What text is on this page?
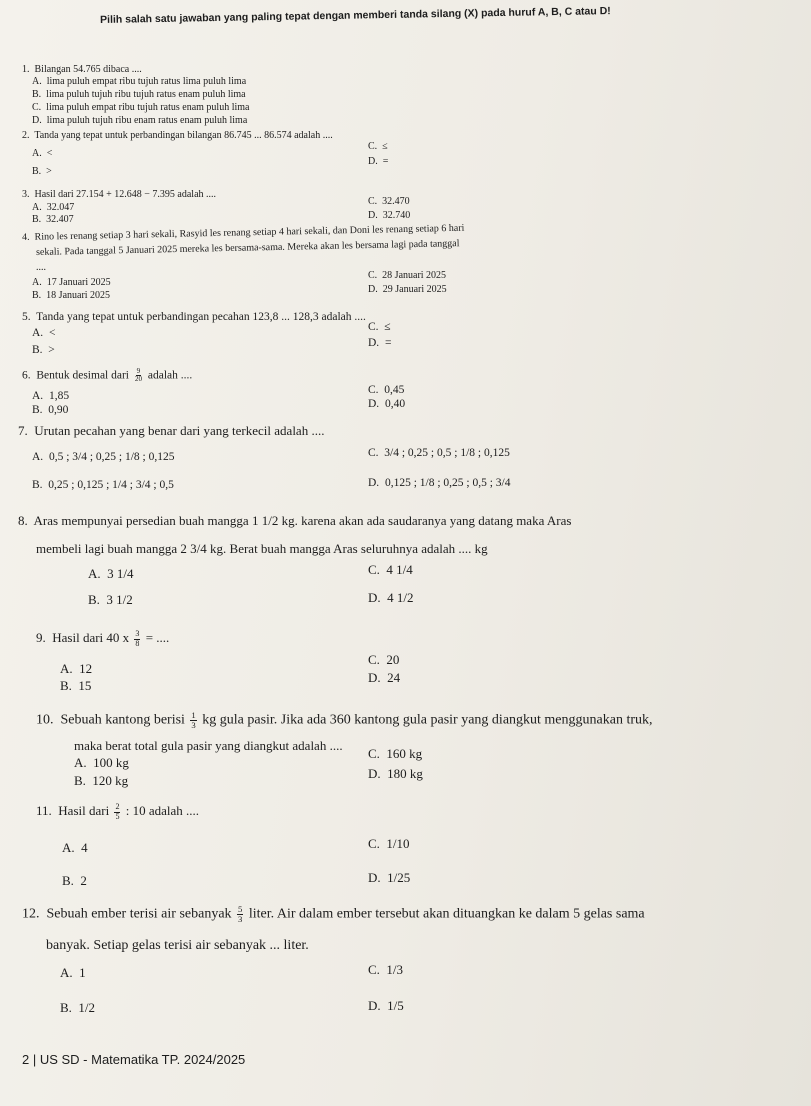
Pilih salah satu jawaban yang paling tepat dengan memberi tanda silang (X) pada huruf A, B, C atau D!
1. Bilangan 54.765 dibaca ....
A.  lima puluh empat ribu tujuh ratus lima puluh lima
B.  lima puluh tujuh ribu tujuh ratus enam puluh lima
C.  lima puluh empat ribu tujuh ratus enam puluh lima
D.  lima puluh tujuh ribu enam ratus enam puluh lima
2. Tanda yang tepat untuk perbandingan bilangan 86.745 ... 86.574 adalah ....
A.  <
B.  >
C.  ≤
D.  =
3. Hasil dari 27.154 + 12.648 − 7.395 adalah ....
A.  32.047
B.  32.407
C.  32.470
D.  32.740
4. Rino les renang setiap 3 hari sekali, Rasyid les renang setiap 4 hari sekali, dan Doni les renang setiap 6 hari
sekali. Pada tanggal 5 Januari 2025 mereka les bersama-sama. Mereka akan les bersama lagi pada tanggal
....
A.  17 Januari 2025
B.  18 Januari 2025
C.  28 Januari 2025
D.  29 Januari 2025
5. Tanda yang tepat untuk perbandingan pecahan 123,8 ... 128,3 adalah ....
A.  <
B.  >
C.  ≤
D.  =
6. Bentuk desimal dari $\frac{9}{20}$ adalah ....
A.  1,85
B.  0,90
C.  0,45
D.  0,40
7. Urutan pecahan yang benar dari yang terkecil adalah ....
A.  0,5 ; 3/4 ; 0,25 ; 1/8 ; 0,125
B.  0,25 ; 0,125 ; 1/4 ; 3/4 ; 0,5
C.  3/4 ; 0,25 ; 0,5 ; 1/8 ; 0,125
D.  0,125 ; 1/8 ; 0,25 ; 0,5 ; 3/4
8. Aras mempunyai persedian buah mangga 1 1/2 kg. karena akan ada saudaranya yang datang maka Aras
membeli lagi buah mangga 2 3/4 kg. Berat buah mangga Aras seluruhnya adalah .... kg
A.  3 1/4
B.  3 1/2
C.  4 1/4
D.  4 1/2
9. Hasil dari 40 x $\frac{3}{8}$ = ....
A.  12
B.  15
C.  20
D.  24
10. Sebuah kantong berisi $\frac{1}{3}$ kg gula pasir. Jika ada 360 kantong gula pasir yang diangkut menggunakan truk,
maka berat total gula pasir yang diangkut adalah ....
A.  100 kg
B.  120 kg
C.  160 kg
D.  180 kg
11. Hasil dari $\frac{2}{5}$ : 10 adalah ....
A.  4
B.  2
C.  1/10
D.  1/25
12. Sebuah ember terisi air sebanyak $\frac{5}{3}$ liter. Air dalam ember tersebut akan dituangkan ke dalam 5 gelas sama
banyak. Setiap gelas terisi air sebanyak ... liter.
A.  1
B.  1/2
C.  1/3
D.  1/5
2 | US SD - Matematika TP. 2024/2025
